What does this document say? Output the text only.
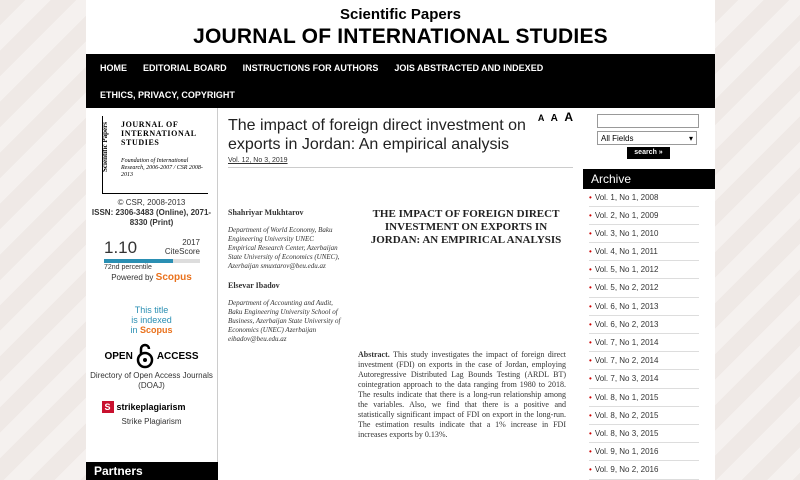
Scientific Papers
JOURNAL OF INTERNATIONAL STUDIES
HOME	EDITORIAL BOARD	INSTRUCTIONS FOR AUTHORS	JOIS ABSTRACTED AND INDEXED
ETHICS, PRIVACY, COPYRIGHT
Scientific Papers JOURNAL OF INTERNATIONAL STUDIES
Foundation of International Research, 2006-2007 / CSR 2008-2013
© CSR, 2008-2013
ISSN: 2306-3483 (Online), 2071-8330 (Print)
1.10	2017
CiteScore
72nd percentile
Powered by Scopus
This title
is indexed
in Scopus
OPEN ACCESS
Directory of Open Access Journals (DOAJ)
S strikeplagiarism
Strike Plagiarism
Partners
A A A
The impact of foreign direct investment on exports in Jordan: An empirical analysis
Vol. 12, No 3, 2019
Shahriyar Mukhtarov
Department of World Economy, Baku Engineering University UNEC Empirical Research Center, Azerbaijan State University of Economics (UNEC), Azerbaijan smuxtarov@beu.edu.az
Elsevar Ibadov
Department of Accounting and Audit, Baku Engineering University School of Business, Azerbaijan State University of Economics (UNEC) Azerbaijan eibadov@beu.edu.az
THE IMPACT OF FOREIGN DIRECT INVESTMENT ON EXPORTS IN JORDAN: AN EMPIRICAL ANALYSIS
Abstract. This study investigates the impact of foreign direct investment (FDI) on exports in the case of Jordan, employing Autoregressive Distributed Lag Bounds Testing (ARDL BT) cointegration approach to the data ranging from 1980 to 2018. The results indicate that there is a long-run relationship among the variables. Also, we find that there is a positive and statistically significant impact of FDI on export in the long-run. The estimation results indicate that a 1% increase in FDI increases exports by 0.13%.
All Fields	▾
search »
Archive
• Vol. 1, No 1, 2008
• Vol. 2, No 1, 2009
• Vol. 3, No 1, 2010
• Vol. 4, No 1, 2011
• Vol. 5, No 1, 2012
• Vol. 5, No 2, 2012
• Vol. 6, No 1, 2013
• Vol. 6, No 2, 2013
• Vol. 7, No 1, 2014
• Vol. 7, No 2, 2014
• Vol. 7, No 3, 2014
• Vol. 8, No 1, 2015
• Vol. 8, No 2, 2015
• Vol. 8, No 3, 2015
• Vol. 9, No 1, 2016
• Vol. 9, No 2, 2016
